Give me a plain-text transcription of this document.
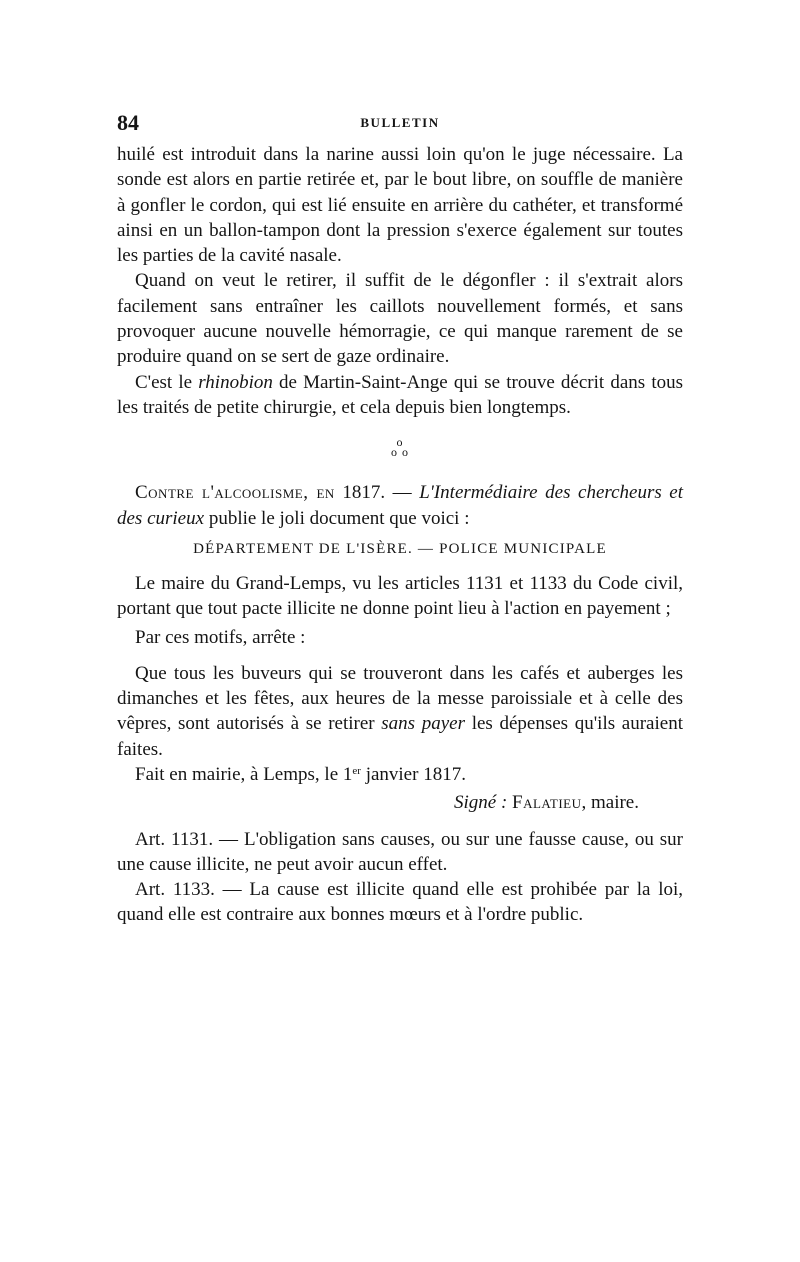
84	BULLETIN

huilé est introduit dans la narine aussi loin qu'on le juge nécessaire. La sonde est alors en partie retirée et, par le bout libre, on souffle de manière à gonfler le cordon, qui est lié ensuite en arrière du cathéter, et transformé ainsi en un ballon-tampon dont la pression s'exerce également sur toutes les parties de la cavité nasale.

Quand on veut le retirer, il suffit de le dégonfler : il s'extrait alors facilement sans entraîner les caillots nouvellement formés, et sans provoquer aucune nouvelle hémorragie, ce qui manque rarement de se produire quand on se sert de gaze ordinaire.

C'est le rhinobion de Martin-Saint-Ange qui se trouve décrit dans tous les traités de petite chirurgie, et cela depuis bien longtemps.

o
o o

Contre l'alcoolisme, en 1817. — L'Intermédiaire des chercheurs et des curieux publie le joli document que voici :

DÉPARTEMENT DE L'ISÈRE. — POLICE MUNICIPALE

Le maire du Grand-Lemps, vu les articles 1131 et 1133 du Code civil, portant que tout pacte illicite ne donne point lieu à l'action en payement ;

Par ces motifs, arrête :

Que tous les buveurs qui se trouveront dans les cafés et auberges les dimanches et les fêtes, aux heures de la messe paroissiale et à celle des vêpres, sont autorisés à se retirer sans payer les dépenses qu'ils auraient faites.

Fait en mairie, à Lemps, le 1er janvier 1817.

Signé : Falatieu, maire.

Art. 1131. — L'obligation sans causes, ou sur une fausse cause, ou sur une cause illicite, ne peut avoir aucun effet.

Art. 1133. — La cause est illicite quand elle est prohibée par la loi, quand elle est contraire aux bonnes mœurs et à l'ordre public.
